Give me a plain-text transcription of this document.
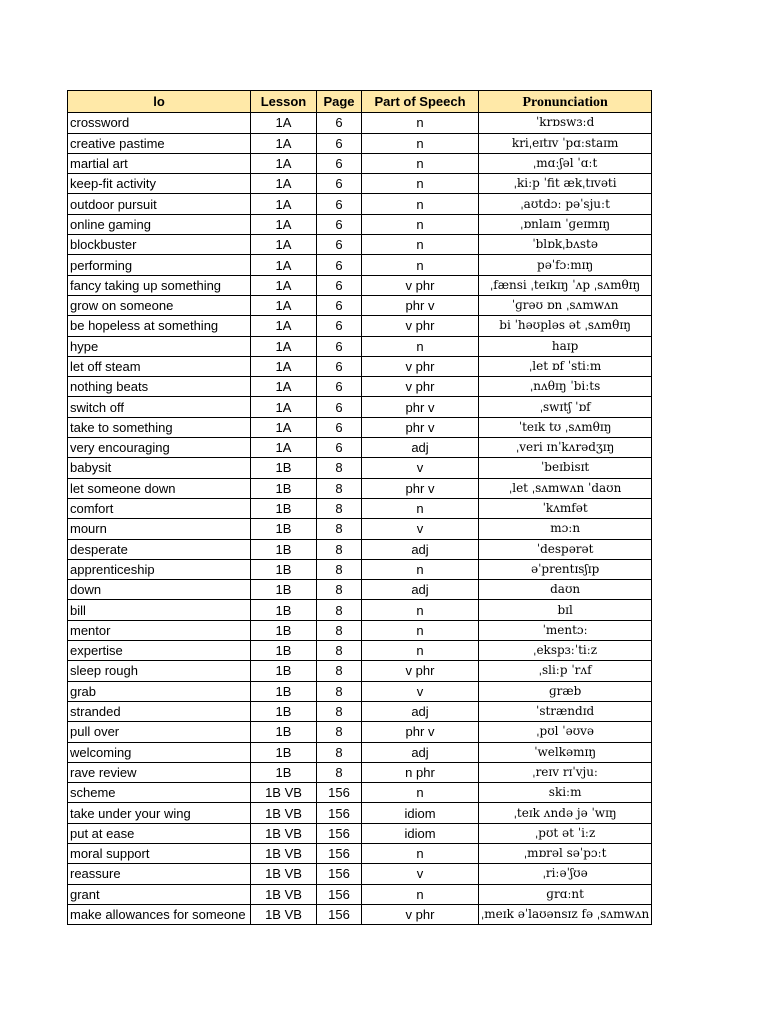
lo	Lesson	Page	Part of Speech	Pronunciation
crossword	1A	6	n	ˈkrɒswɜːd
creative pastime	1A	6	n	kriˌeɪtɪv ˈpɑːstaɪm
martial art	1A	6	n	ˌmɑːʃəl ˈɑːt
keep-fit activity	1A	6	n	ˌkiːp ˈfit ækˌtɪvəti
outdoor pursuit	1A	6	n	ˌaʊtdɔː pəˈsjuːt
online gaming	1A	6	n	ˌɒnlaɪn ˈɡeɪmɪŋ
blockbuster	1A	6	n	ˈblɒkˌbʌstə
performing	1A	6	n	pəˈfɔːmɪŋ
fancy taking up something	1A	6	v phr	ˌfænsi ˌteɪkɪŋ ˈʌp ˌsʌmθɪŋ
grow on someone	1A	6	phr v	ˈɡrəʊ ɒn ˌsʌmwʌn
be hopeless at something	1A	6	v phr	bi ˈhəʊpləs ət ˌsʌmθɪŋ
hype	1A	6	n	haɪp
let off steam	1A	6	v phr	ˌlet ɒf ˈstiːm
nothing beats	1A	6	v phr	ˌnʌθɪŋ ˈbiːts
switch off	1A	6	phr v	ˌswɪtʃ ˈɒf
take to something	1A	6	phr v	ˈteɪk tʊ ˌsʌmθɪŋ
very encouraging	1A	6	adj	ˌveri ɪnˈkʌrədʒɪŋ
babysit	1B	8	v	ˈbeɪbisɪt
let someone down	1B	8	phr v	ˌlet ˌsʌmwʌn ˈdaʊn
comfort	1B	8	n	ˈkʌmfət
mourn	1B	8	v	mɔːn
desperate	1B	8	adj	ˈdespərət
apprenticeship	1B	8	n	əˈprentɪsʃɪp
down	1B	8	adj	daʊn
bill	1B	8	n	bɪl
mentor	1B	8	n	ˈmentɔː
expertise	1B	8	n	ˌekspɜːˈtiːz
sleep rough	1B	8	v phr	ˌsliːp ˈrʌf
grab	1B	8	v	ɡræb
stranded	1B	8	adj	ˈstrændɪd
pull over	1B	8	phr v	ˌpʊl ˈəʊvə
welcoming	1B	8	adj	ˈwelkəmɪŋ
rave review	1B	8	n phr	ˌreɪv rɪˈvjuː
scheme	1B VB	156	n	skiːm
take under your wing	1B VB	156	idiom	ˌteɪk ʌndə jə ˈwɪŋ
put at ease	1B VB	156	idiom	ˌpʊt ət ˈiːz
moral support	1B VB	156	n	ˌmɒrəl səˈpɔːt
reassure	1B VB	156	v	ˌriːəˈʃʊə
grant	1B VB	156	n	ɡrɑːnt
make allowances for someone	1B VB	156	v phr	ˌmeɪk əˈlaʊənsɪz fə ˌsʌmwʌn
